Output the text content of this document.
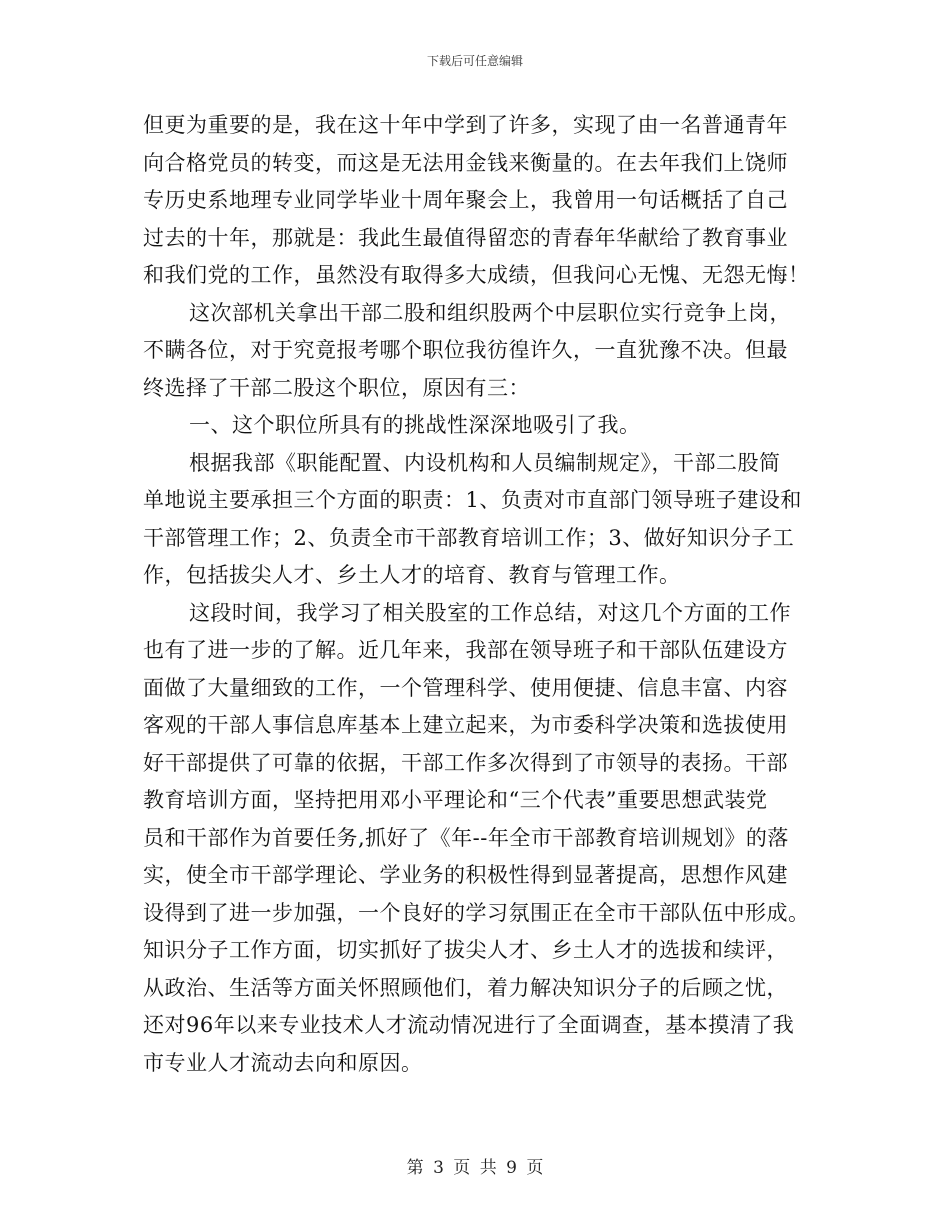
下载后可任意编辑
但更为重要的是，我在这十年中学到了许多，实现了由一名普通青年
向合格党员的转变，而这是无法用金钱来衡量的。在去年我们上饶师
专历史系地理专业同学毕业十周年聚会上，我曾用一句话概括了自己
过去的十年，那就是：我此生最值得留恋的青春年华献给了教育事业
和我们党的工作，虽然没有取得多大成绩，但我问心无愧、无怨无悔！
这次部机关拿出干部二股和组织股两个中层职位实行竞争上岗，
不瞒各位，对于究竟报考哪个职位我彷徨许久，一直犹豫不决。但最
终选择了干部二股这个职位，原因有三：
一、这个职位所具有的挑战性深深地吸引了我。
根据我部《职能配置、内设机构和人员编制规定》，干部二股简
单地说主要承担三个方面的职责：1、负责对市直部门领导班子建设和
干部管理工作；2、负责全市干部教育培训工作；3、做好知识分子工
作，包括拔尖人才、乡土人才的培育、教育与管理工作。
这段时间，我学习了相关股室的工作总结，对这几个方面的工作
也有了进一步的了解。近几年来，我部在领导班子和干部队伍建设方
面做了大量细致的工作，一个管理科学、使用便捷、信息丰富、内容
客观的干部人事信息库基本上建立起来，为市委科学决策和选拔使用
好干部提供了可靠的依据，干部工作多次得到了市领导的表扬。干部
教育培训方面，坚持把用邓小平理论和“三个代表”重要思想武装党
员和干部作为首要任务,抓好了《年--年全市干部教育培训规划》的落
实，使全市干部学理论、学业务的积极性得到显著提高，思想作风建
设得到了进一步加强，一个良好的学习氛围正在全市干部队伍中形成。
知识分子工作方面，切实抓好了拔尖人才、乡土人才的选拔和续评，
从政治、生活等方面关怀照顾他们，着力解决知识分子的后顾之忧，
还对96年以来专业技术人才流动情况进行了全面调查，基本摸清了我
市专业人才流动去向和原因。
第 3 页 共 9 页
